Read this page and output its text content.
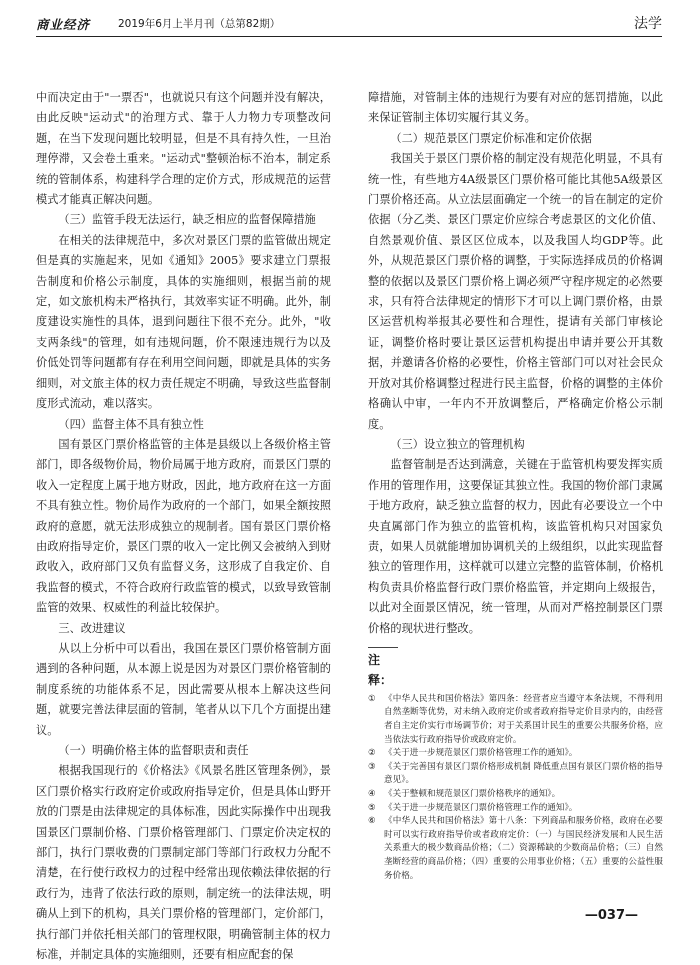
商业经济	2019年6月上半月刊（总第82期）	法学

中而决定由于"一票否"，也就说只有这个问题并没有解决，由此反映"运动式"的治理方式、靠于人力物力专项整改问题，在当下发现问题比较明显，但是不具有持久性，一旦治理停滞，又会卷土重来。"运动式"整顿治标不治本，制定系统的管制体系，构建科学合理的定价方式，形成规范的运营模式才能真正解决问题。

（三）监管手段无法运行，缺乏相应的监督保障措施

在相关的法律规范中，多次对景区门票的监管做出规定但是真的实施起来，见如《通知》2005》要求建立门票报告制度和价格公示制度，具体的实施细则，根据当前的规定，如文旅机构未严格执行，其效率实证不明确。此外，制度建设实施性的具体，退到问题往下很不充分。此外，"收支两条线"的管理，如有违规问题，价不限速违规行为以及价低处罚等问题都有存在利用空间问题，即就是具体的实务细则，对文旅主体的权力责任规定不明确，导致这些监督制度形式流动，难以落实。

（四）监督主体不具有独立性

国有景区门票价格监管的主体是县级以上各级价格主管部门，即各级物价局，物价局属于地方政府，而景区门票的收入一定程度上属于地方财政，因此，地方政府在这一方面不具有独立性。物价局作为政府的一个部门，如果全额按照政府的意愿，就无法形成独立的规制者。国有景区门票价格由政府指导定价，景区门票的收入一定比例又会被纳入到财政收入，政府部门又负有监督义务，这形成了自我定价、自我监督的模式，不符合政府行政监管的模式，以致导致管制监管的效果、权威性的利益比较保护。

三、改进建议

从以上分析中可以看出，我国在景区门票价格管制方面遇到的各种问题，从本源上说是因为对景区门票价格管制的制度系统的功能体系不足，因此需要从根本上解决这些问题，就要完善法律层面的管制，笔者从以下几个方面提出建议。

（一）明确价格主体的监督职责和责任

根据我国现行的《价格法》《风景名胜区管理条例》，景区门票价格实行政府定价或政府指导定价，但是具体山野开放的门票是由法律规定的具体标准，因此实际操作中出现我国景区门票制价格、门票价格管理部门、门票定价决定权的部门，执行门票收费的门票制定部门等部门行政权力分配不清楚，在行使行政权力的过程中经常出现依赖法律依据的行政行为，违背了依法行政的原则，制定统一的法律法规，明确从上到下的机构，具关门票价格的管理部门，定价部门，执行部门并依托相关部门的管理权限，明确管制主体的权力标准，并制定具体的实施细则，还要有相应配套的保

障措施，对管制主体的违规行为要有对应的惩罚措施，以此来保证管制主体切实履行其义务。

（二）规范景区门票定价标准和定价依据

我国关于景区门票价格的制定没有规范化明显，不具有统一性，有些地方4A级景区门票价格可能比其他5A级景区门票价格还高。从立法层面确定一个统一的旨在制定的定价依据（分乙类、景区门票定价应综合考虑景区的文化价值、自然景观价值、景区区位成本，以及我国人均GDP等。此外，从规范景区门票价格的调整，于实际选择成员的价格调整的依据以及景区门票价格上调必须严守程序规定的必然要求，只有符合法律规定的情形下才可以上调门票价格，由景区运营机构举报其必要性和合理性，提请有关部门审核论证，调整价格时要让景区运营机构提出申请并要公开其数据，并邀请各价格的必要性，价格主管部门可以对社会民众开放对其价格调整过程进行民主监督，价格的调整的主体价格确认中审，一年内不开放调整后，严格确定价格公示制度。

（三）设立独立的管理机构

监督管制是否达到满意，关键在于监管机构要发挥实质作用的管理作用，这要保证其独立性。我国的物价部门隶属于地方政府，缺乏独立监督的权力，因此有必要设立一个中央直属部门作为独立的监管机构，该监管机构只对国家负责，如果人员就能增加协调机关的上级组织，以此实现监督独立的管理作用，这样就可以建立完整的监管体制，价格机构负责具价格监督行政门票价格监管，并定期向上级报告，以此对全面景区情况，统一管理，从而对严格控制景区门票价格的现状进行整改。

注 释：
① 《中华人民共和国价格法》第四条：经营者应当遵守本条法规，不得利用自然垄断等优势，对未纳入政府定价或者政府指导定价目录内的，由经营者自主定价实行市场调节价；对于关系国计民生的重要公共服务价格，应当依法实行政府指导价或政府定价。
② 《关于进一步规范景区门票价格管理工作的通知》。
③ 《关于完善国有景区门票价格形成机制 降低重点国有景区门票价格的指导意见》。
④ 《关于整顿和规范景区门票价格秩序的通知》。
⑤ 《关于进一步规范景区门票价格管理工作的通知》。
⑥ 《中华人民共和国价格法》第十八条：下列商品和服务价格，政府在必要时可以实行政府指导价或者政府定价：（一）与国民经济发展和人民生活关系重大的极少数商品价格；（二）资源稀缺的少数商品价格；（三）自然垄断经营的商品价格；（四）重要的公用事业价格；（五）重要的公益性服务价格。
—037—
